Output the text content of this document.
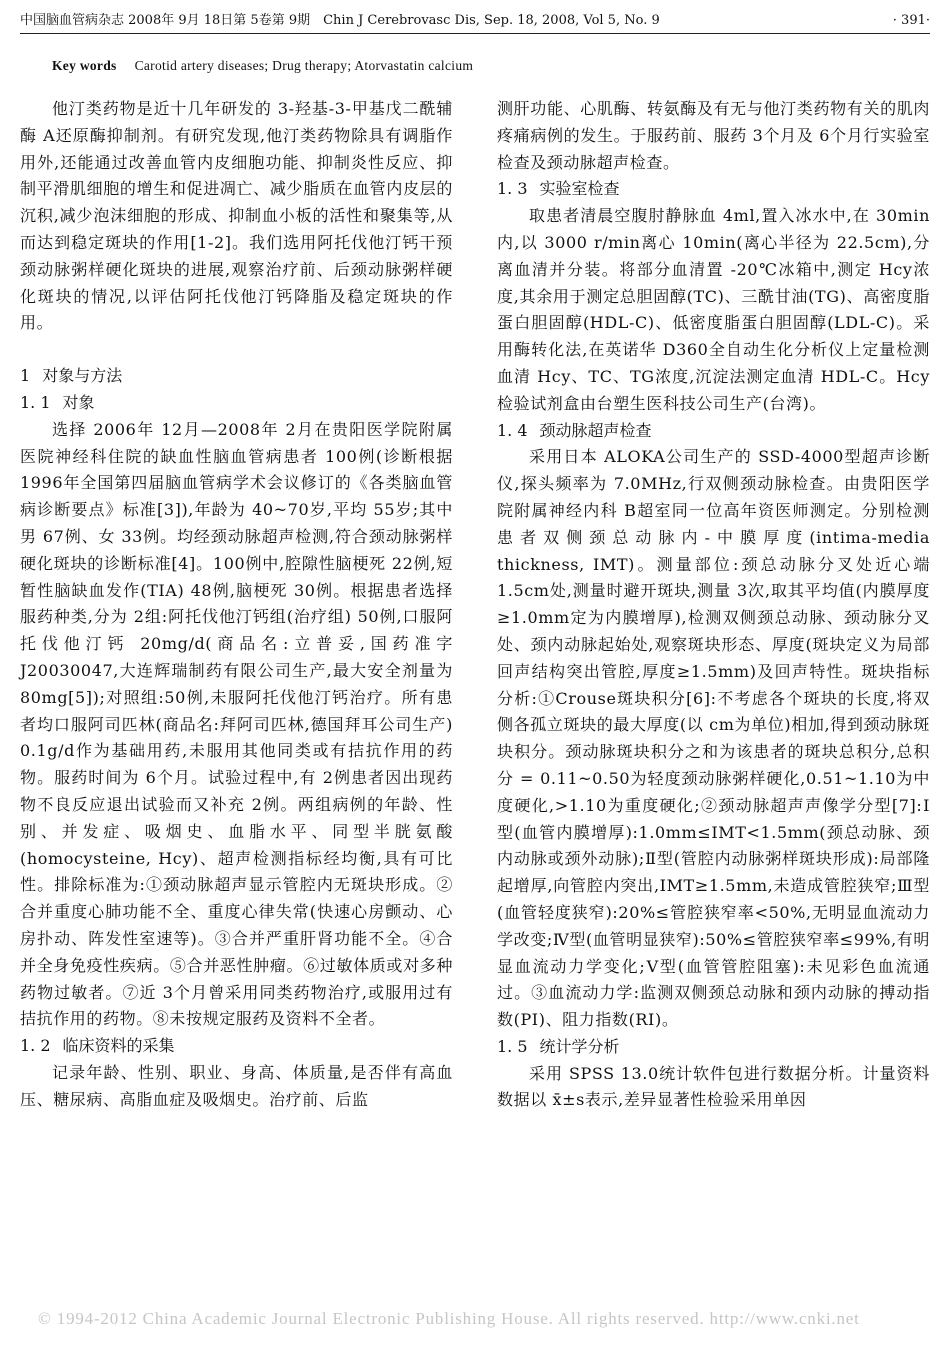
中国脑血管病杂志 2008年 9月 18日第 5卷第 9期　Chin J Cerebrovasc Dis, Sep. 18, 2008, Vol 5, No. 9	· 391·
Key words Carotid artery diseases; Drug therapy; Atorvastatin calcium

他汀类药物是近十几年研发的 3-羟基-3-甲基戊二酰辅酶 A还原酶抑制剂。有研究发现,他汀类药物除具有调脂作用外,还能通过改善血管内皮细胞功能、抑制炎性反应、抑制平滑肌细胞的增生和促进凋亡、减少脂质在血管内皮层的沉积,减少泡沫细胞的形成、抑制血小板的活性和聚集等,从而达到稳定斑块的作用[1-2]。我们选用阿托伐他汀钙干预颈动脉粥样硬化斑块的进展,观察治疗前、后颈动脉粥样硬化斑块的情况,以评估阿托伐他汀钙降脂及稳定斑块的作用。

1 对象与方法
1. 1 对象

选择 2006年 12月—2008年 2月在贵阳医学院附属医院神经科住院的缺血性脑血管病患者 100例(诊断根据 1996年全国第四届脑血管病学术会议修订的《各类脑血管病诊断要点》标准[3]),年龄为 40~70岁,平均 55岁;其中男 67例、女 33例。均经颈动脉超声检测,符合颈动脉粥样硬化斑块的诊断标准[4]。100例中,腔隙性脑梗死 22例,短暂性脑缺血发作(TIA) 48例,脑梗死 30例。根据患者选择服药种类,分为 2组:阿托伐他汀钙组(治疗组) 50例,口服阿托伐他汀钙 20mg/d(商品名:立普妥,国药准字 J20030047,大连辉瑞制药有限公司生产,最大安全剂量为 80mg[5]);对照组:50例,未服阿托伐他汀钙治疗。所有患者均口服阿司匹林(商品名:拜阿司匹林,德国拜耳公司生产) 0.1g/d作为基础用药,未服用其他同类或有拮抗作用的药物。服药时间为 6个月。试验过程中,有 2例患者因出现药物不良反应退出试验而又补充 2例。两组病例的年龄、性别、并发症、吸烟史、血脂水平、同型半胱氨酸(homocysteine, Hcy)、超声检测指标经均衡,具有可比性。排除标准为:①颈动脉超声显示管腔内无斑块形成。②合并重度心肺功能不全、重度心律失常(快速心房颤动、心房扑动、阵发性室速等)。③合并严重肝肾功能不全。④合并全身免疫性疾病。⑤合并恶性肿瘤。⑥过敏体质或对多种药物过敏者。⑦近 3个月曾采用同类药物治疗,或服用过有拮抗作用的药物。⑧未按规定服药及资料不全者。

1. 2 临床资料的采集

记录年龄、性别、职业、身高、体质量,是否伴有高血压、糖尿病、高脂血症及吸烟史。治疗前、后监

测肝功能、心肌酶、转氨酶及有无与他汀类药物有关的肌肉疼痛病例的发生。于服药前、服药 3个月及 6个月行实验室检查及颈动脉超声检查。

1. 3 实验室检查

取患者清晨空腹肘静脉血 4ml,置入冰水中,在 30min内,以 3000 r/min离心 10min(离心半径为 22.5cm),分离血清并分装。将部分血清置 -20℃冰箱中,测定 Hcy浓度,其余用于测定总胆固醇(TC)、三酰甘油(TG)、高密度脂蛋白胆固醇(HDL-C)、低密度脂蛋白胆固醇(LDL-C)。采用酶转化法,在英诺华 D360全自动生化分析仪上定量检测血清 Hcy、TC、TG浓度,沉淀法测定血清 HDL-C。Hcy检验试剂盒由台塑生医科技公司生产(台湾)。

1. 4 颈动脉超声检查

采用日本 ALOKA公司生产的 SSD-4000型超声诊断仪,探头频率为 7.0MHz,行双侧颈动脉检查。由贵阳医学院附属神经内科 B超室同一位高年资医师测定。分别检测患者双侧颈总动脉内-中膜厚度(intima-media thickness, IMT)。测量部位:颈总动脉分叉处近心端 1.5cm处,测量时避开斑块,测量 3次,取其平均值(内膜厚度≥1.0mm定为内膜增厚),检测双侧颈总动脉、颈动脉分叉处、颈内动脉起始处,观察斑块形态、厚度(斑块定义为局部回声结构突出管腔,厚度≥1.5mm)及回声特性。斑块指标分析:①Crouse斑块积分[6]:不考虑各个斑块的长度,将双侧各孤立斑块的最大厚度(以 cm为单位)相加,得到颈动脉斑块积分。颈动脉斑块积分之和为该患者的斑块总积分,总积分 = 0.11~0.50为轻度颈动脉粥样硬化,0.51~1.10为中度硬化,>1.10为重度硬化;②颈动脉超声声像学分型[7]:Ⅰ型(血管内膜增厚):1.0mm≤IMT<1.5mm(颈总动脉、颈内动脉或颈外动脉);Ⅱ型(管腔内动脉粥样斑块形成):局部隆起增厚,向管腔内突出,IMT≥1.5mm,未造成管腔狭窄;Ⅲ型(血管轻度狭窄):20%≤管腔狭窄率<50%,无明显血流动力学改变;Ⅳ型(血管明显狭窄):50%≤管腔狭窄率≤99%,有明显血流动力学变化;Ⅴ型(血管管腔阻塞):未见彩色血流通过。③血流动力学:监测双侧颈总动脉和颈内动脉的搏动指数(PI)、阻力指数(RI)。

1. 5 统计学分析

采用 SPSS 13.0统计软件包进行数据分析。计量资料数据以 x̄±s表示,差异显著性检验采用单因

© 1994-2012 China Academic Journal Electronic Publishing House. All rights reserved. http://www.cnki.net
